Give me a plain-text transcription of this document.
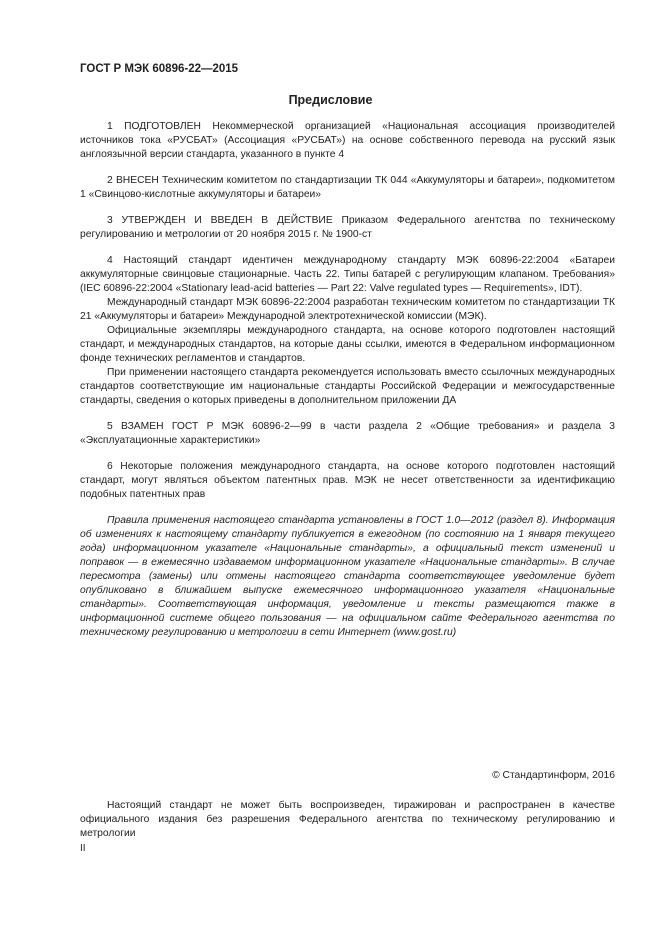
ГОСТ Р МЭК 60896-22—2015
Предисловие

1 ПОДГОТОВЛЕН Некоммерческой организацией «Национальная ассоциация производителей источников тока «РУСБАТ» (Ассоциация «РУСБАТ») на основе собственного перевода на русский язык англоязычной версии стандарта, указанного в пункте 4

2 ВНЕСЕН Техническим комитетом по стандартизации ТК 044 «Аккумуляторы и батареи», подкомитетом 1 «Свинцово-кислотные аккумуляторы и батареи»

3 УТВЕРЖДЕН И ВВЕДЕН В ДЕЙСТВИЕ Приказом Федерального агентства по техническому регулированию и метрологии от 20 ноября 2015 г. № 1900-ст

4 Настоящий стандарт идентичен международному стандарту МЭК 60896-22:2004 «Батареи аккумуляторные свинцовые стационарные. Часть 22. Типы батарей с регулирующим клапаном. Требования» (IEC 60896-22:2004 «Stationary lead-acid batteries — Part 22: Valve regulated types — Requirements», IDT).

Международный стандарт МЭК 60896-22:2004 разработан техническим комитетом по стандартизации ТК 21 «Аккумуляторы и батареи» Международной электротехнической комиссии (МЭК).

Официальные экземпляры международного стандарта, на основе которого подготовлен настоящий стандарт, и международных стандартов, на которые даны ссылки, имеются в Федеральном информационном фонде технических регламентов и стандартов.

При применении настоящего стандарта рекомендуется использовать вместо ссылочных международных стандартов соответствующие им национальные стандарты Российской Федерации и межгосударственные стандарты, сведения о которых приведены в дополнительном приложении ДА

5 ВЗАМЕН ГОСТ Р МЭК 60896-2—99 в части раздела 2 «Общие требования» и раздела 3 «Эксплуатационные характеристики»

6 Некоторые положения международного стандарта, на основе которого подготовлен настоящий стандарт, могут являться объектом патентных прав. МЭК не несет ответственности за идентификацию подобных патентных прав

Правила применения настоящего стандарта установлены в ГОСТ 1.0—2012 (раздел 8). Информация об изменениях к настоящему стандарту публикуется в ежегодном (по состоянию на 1 января текущего года) информационном указателе «Национальные стандарты», а официальный текст изменений и поправок — в ежемесячно издаваемом информационном указателе «Национальные стандарты». В случае пересмотра (замены) или отмены настоящего стандарта соответствующее уведомление будет опубликовано в ближайшем выпуске ежемесячного информационного указателя «Национальные стандарты». Соответствующая информация, уведомление и тексты размещаются также в информационной системе общего пользования — на официальном сайте Федерального агентства по техническому регулированию и метрологии в сети Интернет (www.gost.ru)

© Стандартинформ, 2016

Настоящий стандарт не может быть воспроизведен, тиражирован и распространен в качестве официального издания без разрешения Федерального агентства по техническому регулированию и метрологии

II
